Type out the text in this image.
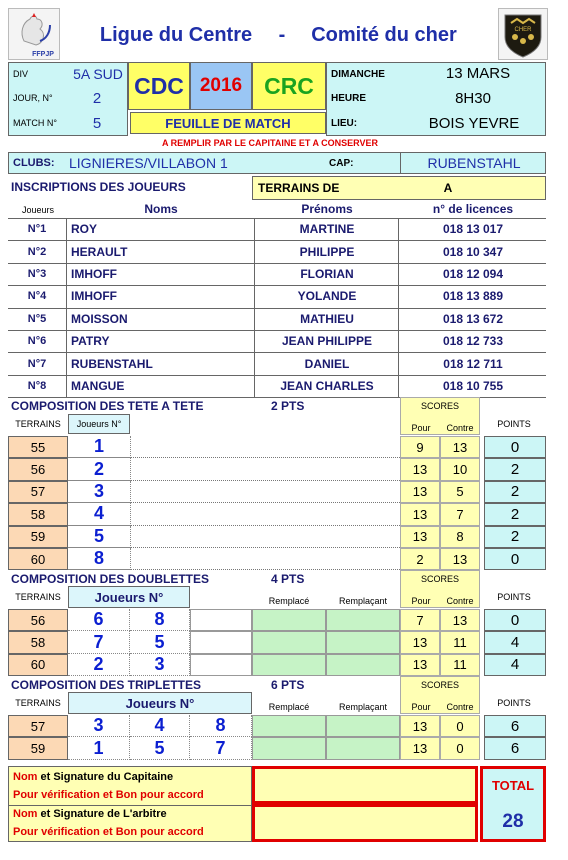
FFPJP
Ligue du Centre	-	Comité du cher	CHER
DIV	5A SUD
JOUR, N°	2
MATCH N°	5
CDC 2016 CRC
FEUILLE DE MATCH
DIMANCHE	13 MARS
HEURE	8H30
LIEU:	BOIS YEVRE
A REMPLIR PAR LE CAPITAINE ET A CONSERVER
CLUBS:	LIGNIERES/VILLABON 1	CAP:	RUBENSTAHL
INSCRIPTIONS DES JOUEURS	TERRAINS DE	A
Joueurs	Noms	Prénoms	n° de licences
N°1	ROY	MARTINE	018 13 017
N°2	HERAULT	PHILIPPE	018 10 347
N°3	IMHOFF	FLORIAN	018 12 094
N°4	IMHOFF	YOLANDE	018 13 889
N°5	MOISSON	MATHIEU	018 13 672
N°6	PATRY	JEAN PHILIPPE	018 12 733
N°7	RUBENSTAHL	DANIEL	018 12 711
N°8	MANGUE	JEAN CHARLES	018 10 755
COMPOSITION DES TETE A TETE	2 PTS	SCORES
Pour	Contre	POINTS
TERRAINS	Joueurs N°
55	1	9	13	0
56	2	13	10	2
57	3	13	5	2
58	4	13	7	2
59	5	13	8	2
60	8	2	13	0
COMPOSITION DES DOUBLETTES	4 PTS	SCORES
Pour	Contre	POINTS
TERRAINS	Joueurs N°	Remplacé	Remplaçant
56	6	8	7	13	0
58	7	5	13	11	4
60	2	3	13	11	4
COMPOSITION DES TRIPLETTES	6 PTS	SCORES
Pour	Contre	POINTS
TERRAINS	Joueurs N°	Remplacé	Remplaçant
57	3	4	8	13	0	6
59	1	5	7	13	0	6
Nom et Signature du Capitaine
Pour vérification et Bon pour accord
Nom et Signature de L'arbitre
Pour vérification et Bon pour accord
TOTAL
28
